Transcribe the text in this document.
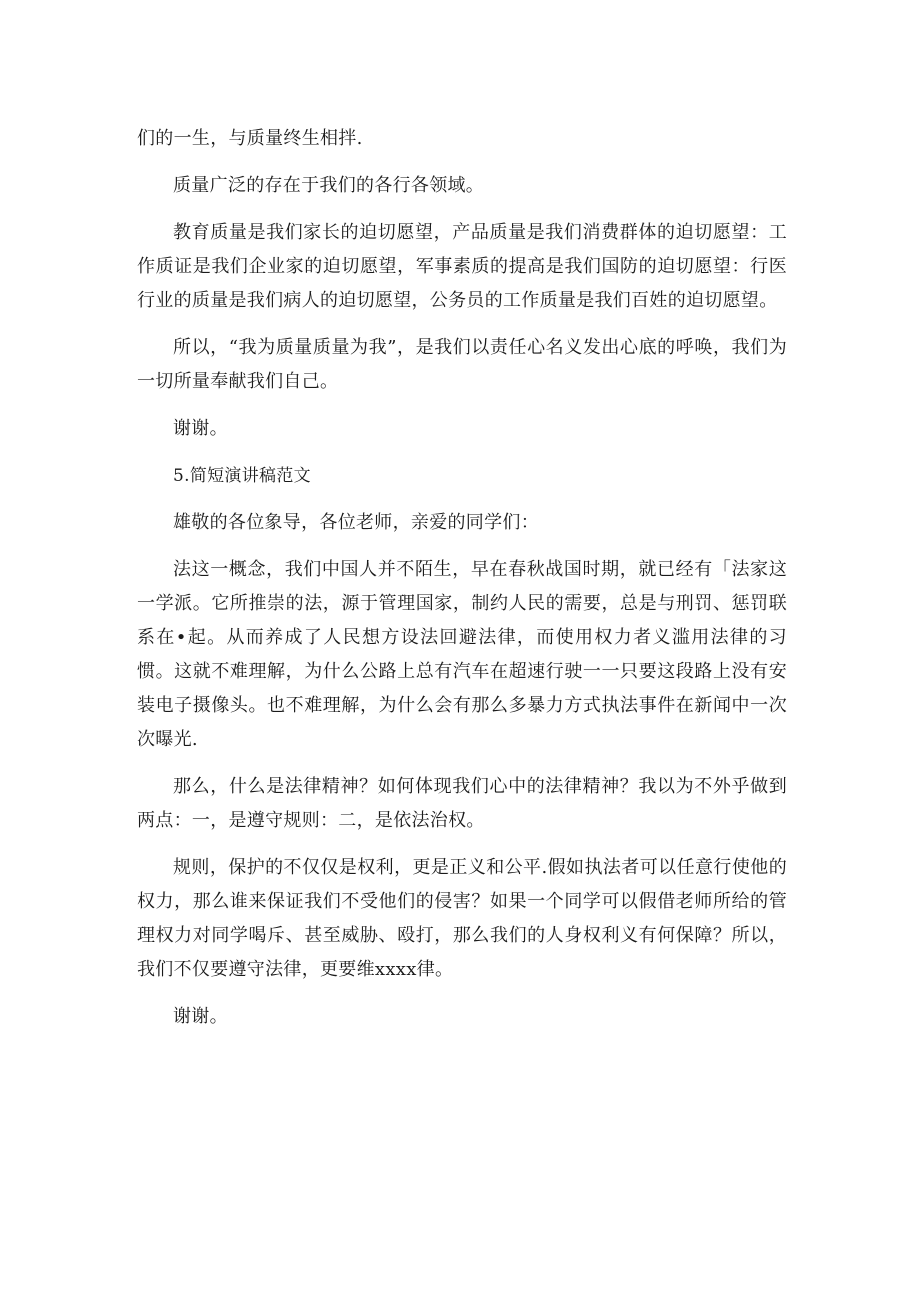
们的一生，与质量终生相拌.

质量广泛的存在于我们的各行各领域。

教育质量是我们家长的迫切愿望，产品质量是我们消费群体的迫切愿望：工作质证是我们企业家的迫切愿望，军事素质的提高是我们国防的迫切愿望：行医行业的质量是我们病人的迫切愿望，公务员的工作质量是我们百姓的迫切愿望。

所以，“我为质量质量为我”，是我们以责任心名义发出心底的呼唤，我们为一切所量奉献我们自己。

谢谢。

5.简短演讲稿范文

雄敬的各位象导，各位老师，亲爱的同学们：

法这一概念，我们中国人并不陌生，早在春秋战国时期，就已经有「法家这一学派。它所推崇的法，源于管理国家，制约人民的需要，总是与刑罚、惩罚联系在•起。从而养成了人民想方设法回避法律，而使用权力者义滥用法律的习惯。这就不难理解，为什么公路上总有汽车在超速行驶一一只要这段路上没有安装电子摄像头。也不难理解，为什么会有那么多暴力方式执法事件在新闻中一次次曝光.

那么，什么是法律精神？如何体现我们心中的法律精神？我以为不外乎做到两点：一，是遵守规则：二，是依法治权。

规则，保护的不仅仅是权利，更是正义和公平.假如执法者可以任意行使他的权力，那么谁来保证我们不受他们的侵害？如果一个同学可以假借老师所给的管理权力对同学喝斥、甚至威胁、殴打，那么我们的人身权利义有何保障？所以，我们不仅要遵守法律，更要维xxxx律。

谢谢。
